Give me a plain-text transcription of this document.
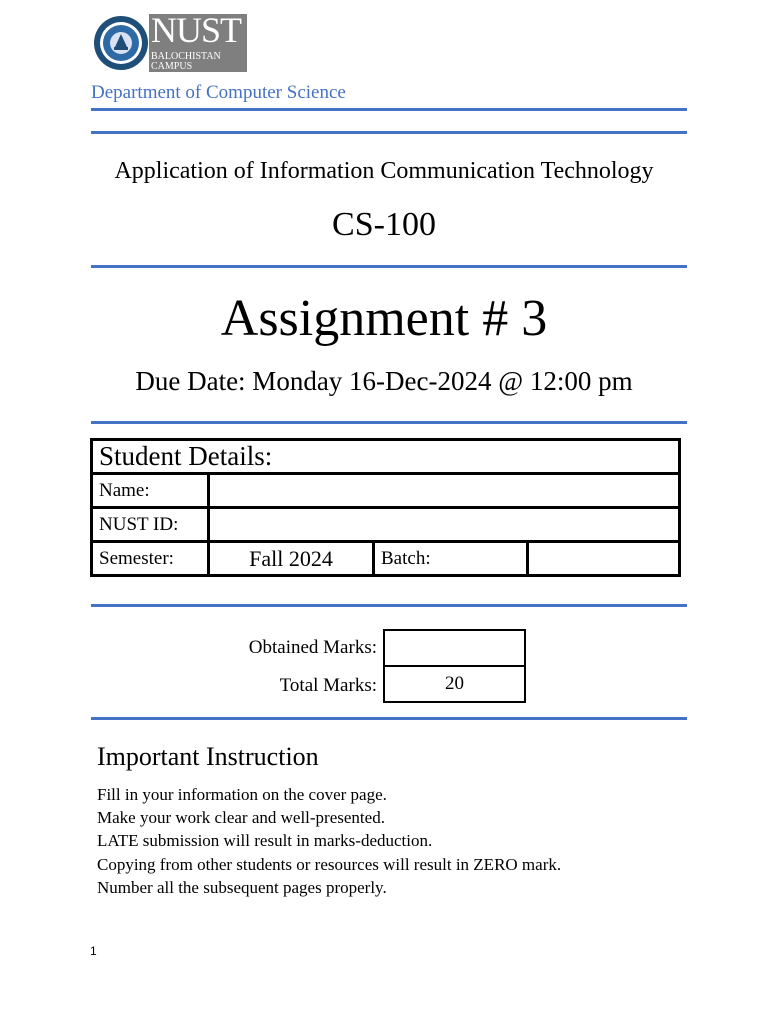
NUST
BALOCHISTAN
CAMPUS
Department of Computer Science
Application of Information Communication Technology
CS-100
Assignment # 3
Due Date: Monday 16-Dec-2024 @ 12:00 pm
Student Details:			
Name:			
NUST ID:			
Semester:	Fall 2024	Batch:	
Obtained Marks:
Total Marks:	20
Important Instruction
Fill in your information on the cover page.
Make your work clear and well-presented.
LATE submission will result in marks-deduction.
Copying from other students or resources will result in ZERO mark.
Number all the subsequent pages properly.
1
